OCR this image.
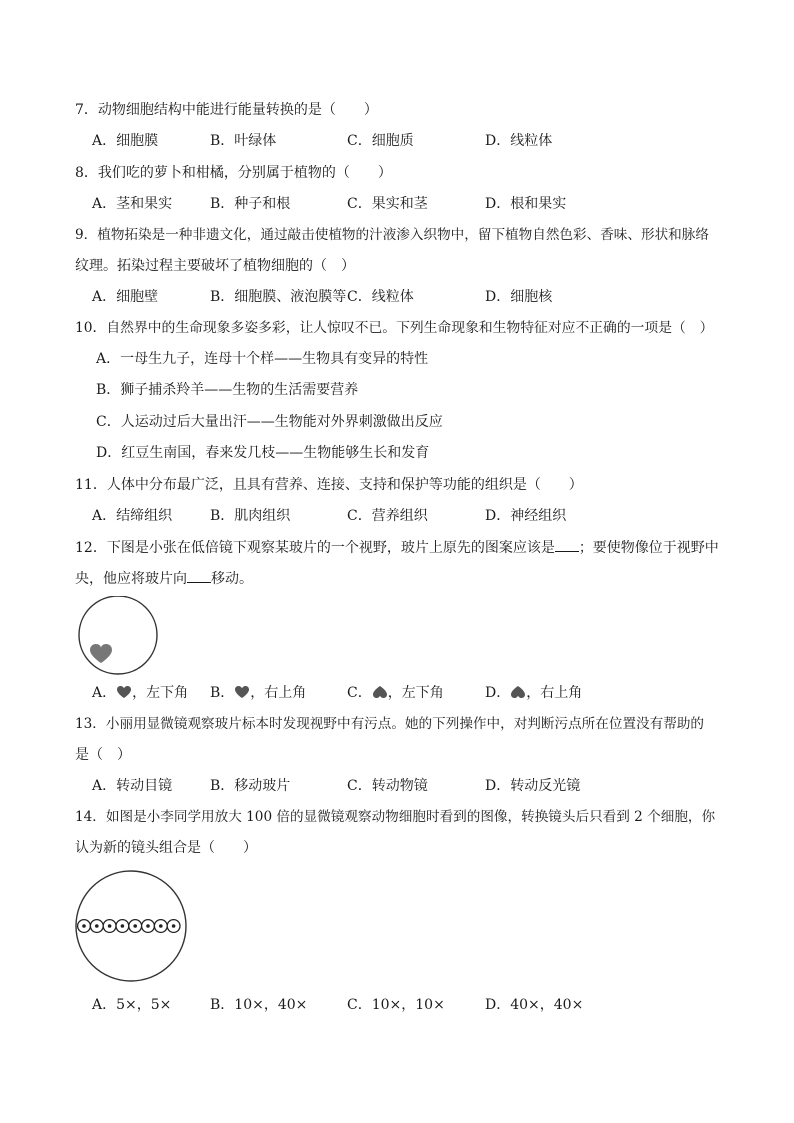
7．动物细胞结构中能进行能量转换的是（　　）
A．细胞膜	B．叶绿体	C．细胞质	D．线粒体
8．我们吃的萝卜和柑橘，分别属于植物的（　　）
A．茎和果实	B．种子和根	C．果实和茎	D．根和果实
9．植物拓染是一种非遗文化，通过敲击使植物的汁液渗入织物中，留下植物自然色彩、香味、形状和脉络
纹理。拓染过程主要破坏了植物细胞的（　）
A．细胞壁	B．细胞膜、液泡膜等 C．线粒体	D．细胞核
10．自然界中的生命现象多姿多彩，让人惊叹不已。下列生命现象和生物特征对应不正确的一项是（　）
A．一母生九子，连母十个样——生物具有变异的特性
B．狮子捕杀羚羊——生物的生活需要营养
C．人运动过后大量出汗——生物能对外界刺激做出反应
D．红豆生南国，春来发几枝——生物能够生长和发育
11．人体中分布最广泛，且具有营养、连接、支持和保护等功能的组织是（　　）
A．结缔组织	B．肌肉组织	C．营养组织	D．神经组织
12．下图是小张在低倍镜下观察某玻片的一个视野，玻片上原先的图案应该是 ；要使物像位于视野中
央，他应将玻片向 移动。
A． ，左下角 B． ，右上角	C． ，左下角	D． ，右上角
13．小丽用显微镜观察玻片标本时发现视野中有污点。她的下列操作中，对判断污点所在位置没有帮助的
是（　）
A．转动目镜	B．移动玻片	C．转动物镜	D．转动反光镜
14．如图是小李同学用放大 100 倍的显微镜观察动物细胞时看到的图像，转换镜头后只看到 2 个细胞，你
认为新的镜头组合是（　　）
A．5×，5×	B．10×，40×	C．10×，10×	D．40×，40×
